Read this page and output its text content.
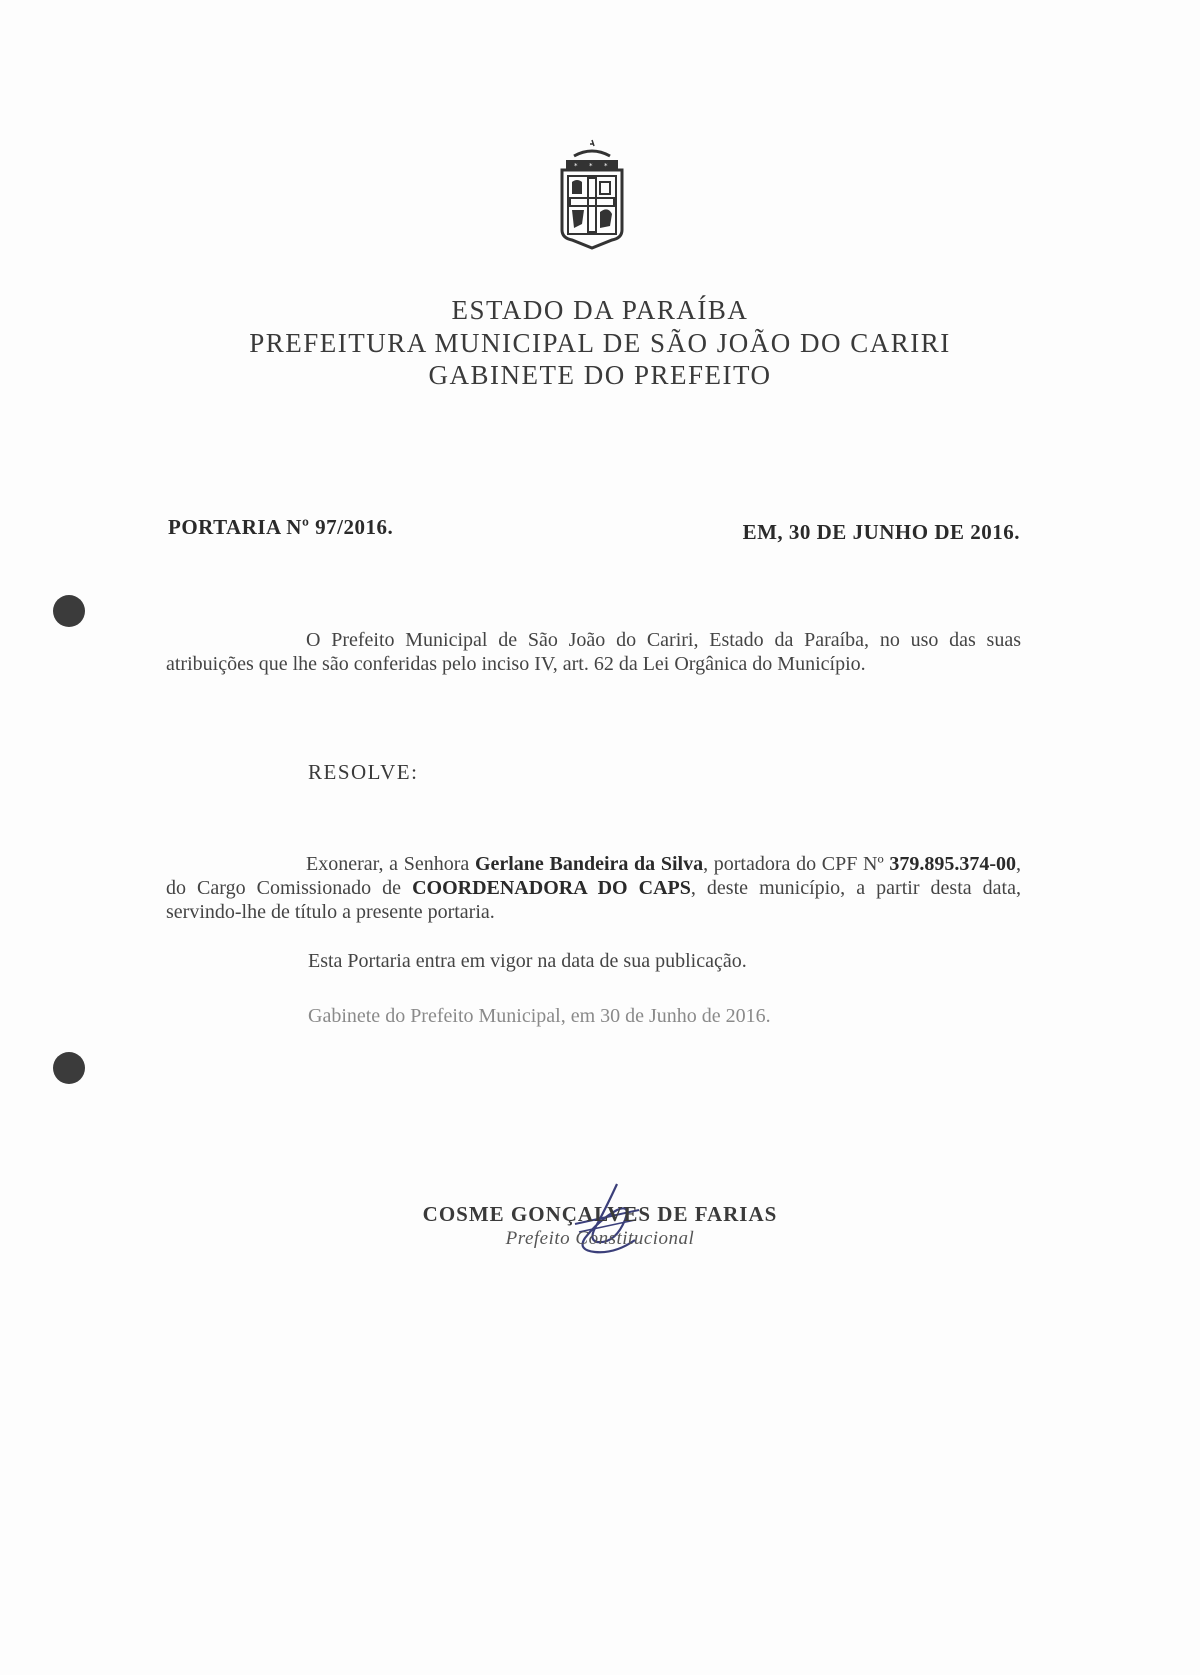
* * *
ESTADO DA PARAÍBA
PREFEITURA MUNICIPAL DE SÃO JOÃO DO CARIRI
GABINETE DO PREFEITO
PORTARIA Nº 97/2016.	EM, 30 DE JUNHO DE 2016.
O Prefeito Municipal de São João do Cariri, Estado da Paraíba, no uso das suas atribuições que lhe são conferidas pelo inciso IV, art. 62 da Lei Orgânica do Município.
RESOLVE:
Exonerar, a Senhora Gerlane Bandeira da Silva, portadora do CPF Nº 379.895.374-00, do Cargo Comissionado de COORDENADORA DO CAPS, deste município, a partir desta data, servindo-lhe de título a presente portaria.
Esta Portaria entra em vigor na data de sua publicação.
Gabinete do Prefeito Municipal, em 30 de Junho de 2016.
COSME GONÇALVES DE FARIAS
Prefeito Constitucional
